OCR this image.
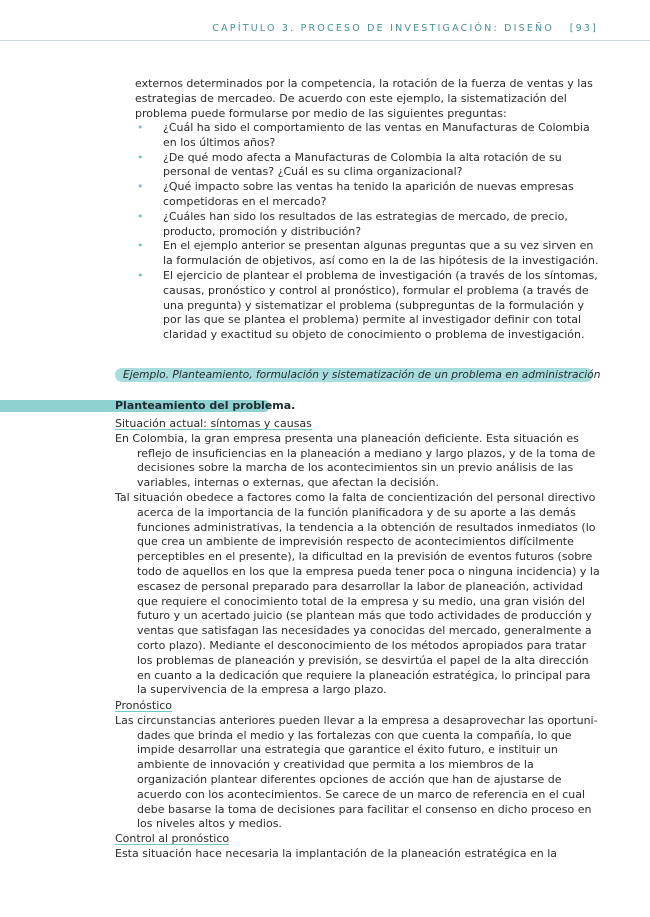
CAPÍTULO 3. PROCESO DE INVESTIGACIÓN: DISEÑO [93]

externos determinados por la competencia, la rotación de la fuerza de ventas y las estrategias de mercadeo. De acuerdo con este ejemplo, la sistematización del problema puede formularse por medio de las siguientes preguntas:

• ¿Cuál ha sido el comportamiento de las ventas en Manufacturas de Colombia en los últimos años?
• ¿De qué modo afecta a Manufacturas de Colombia la alta rotación de su personal de ventas? ¿Cuál es su clima organizacional?
• ¿Qué impacto sobre las ventas ha tenido la aparición de nuevas empresas competidoras en el mercado?
• ¿Cuáles han sido los resultados de las estrategias de mercado, de precio, producto, promoción y distribución?
• En el ejemplo anterior se presentan algunas preguntas que a su vez sirven en la formulación de objetivos, así como en la de las hipótesis de la investigación.
• El ejercicio de plantear el problema de investigación (a través de los síntomas, causas, pronóstico y control al pronóstico), formular el problema (a través de una pregunta) y sistematizar el problema (subpreguntas de la formulación y por las que se plantea el problema) permite al investigador definir con total claridad y exactitud su objeto de conocimiento o problema de investigación.
Ejemplo. Planteamiento, formulación y sistematización de un problema en administración
Planteamiento del problema.

Situación actual: síntomas y causas

En Colombia, la gran empresa presenta una planeación deficiente. Esta situación es reflejo de insuficiencias en la planeación a mediano y largo plazos, y de la toma de decisiones sobre la marcha de los acontecimientos sin un previo análisis de las variables, internas o externas, que afectan la decisión.

Tal situación obedece a factores como la falta de concientización del personal directivo acerca de la importancia de la función planificadora y de su aporte a las demás funciones administrativas, la tendencia a la obtención de resultados inmediatos (lo que crea un ambiente de imprevisión respecto de acontecimientos difícilmente perceptibles en el presente), la dificultad en la previsión de eventos futuros (sobre todo de aquellos en los que la empresa pueda tener poca o ninguna incidencia) y la escasez de personal preparado para desarrollar la labor de planeación, actividad que requiere el conocimiento total de la empresa y su medio, una gran visión del futuro y un acertado juicio (se plantean más que todo actividades de producción y ventas que satisfagan las necesidades ya conocidas del mercado, generalmente a corto plazo). Mediante el desconocimiento de los métodos apropiados para tratar los problemas de planeación y previsión, se desvirtúa el papel de la alta dirección en cuanto a la dedicación que requiere la planeación estratégica, lo principal para la supervivencia de la empresa a largo plazo.

Pronóstico

Las circunstancias anteriores pueden llevar a la empresa a desaprovechar las oportunidades que brinda el medio y las fortalezas con que cuenta la compañía, lo que impide desarrollar una estrategia que garantice el éxito futuro, e instituir un ambiente de innovación y creatividad que permita a los miembros de la organización plantear diferentes opciones de acción que han de ajustarse de acuerdo con los acontecimientos. Se carece de un marco de referencia en el cual debe basarse la toma de decisiones para facilitar el consenso en dicho proceso en los niveles altos y medios.

Control al pronóstico

Esta situación hace necesaria la implantación de la planeación estratégica en la
